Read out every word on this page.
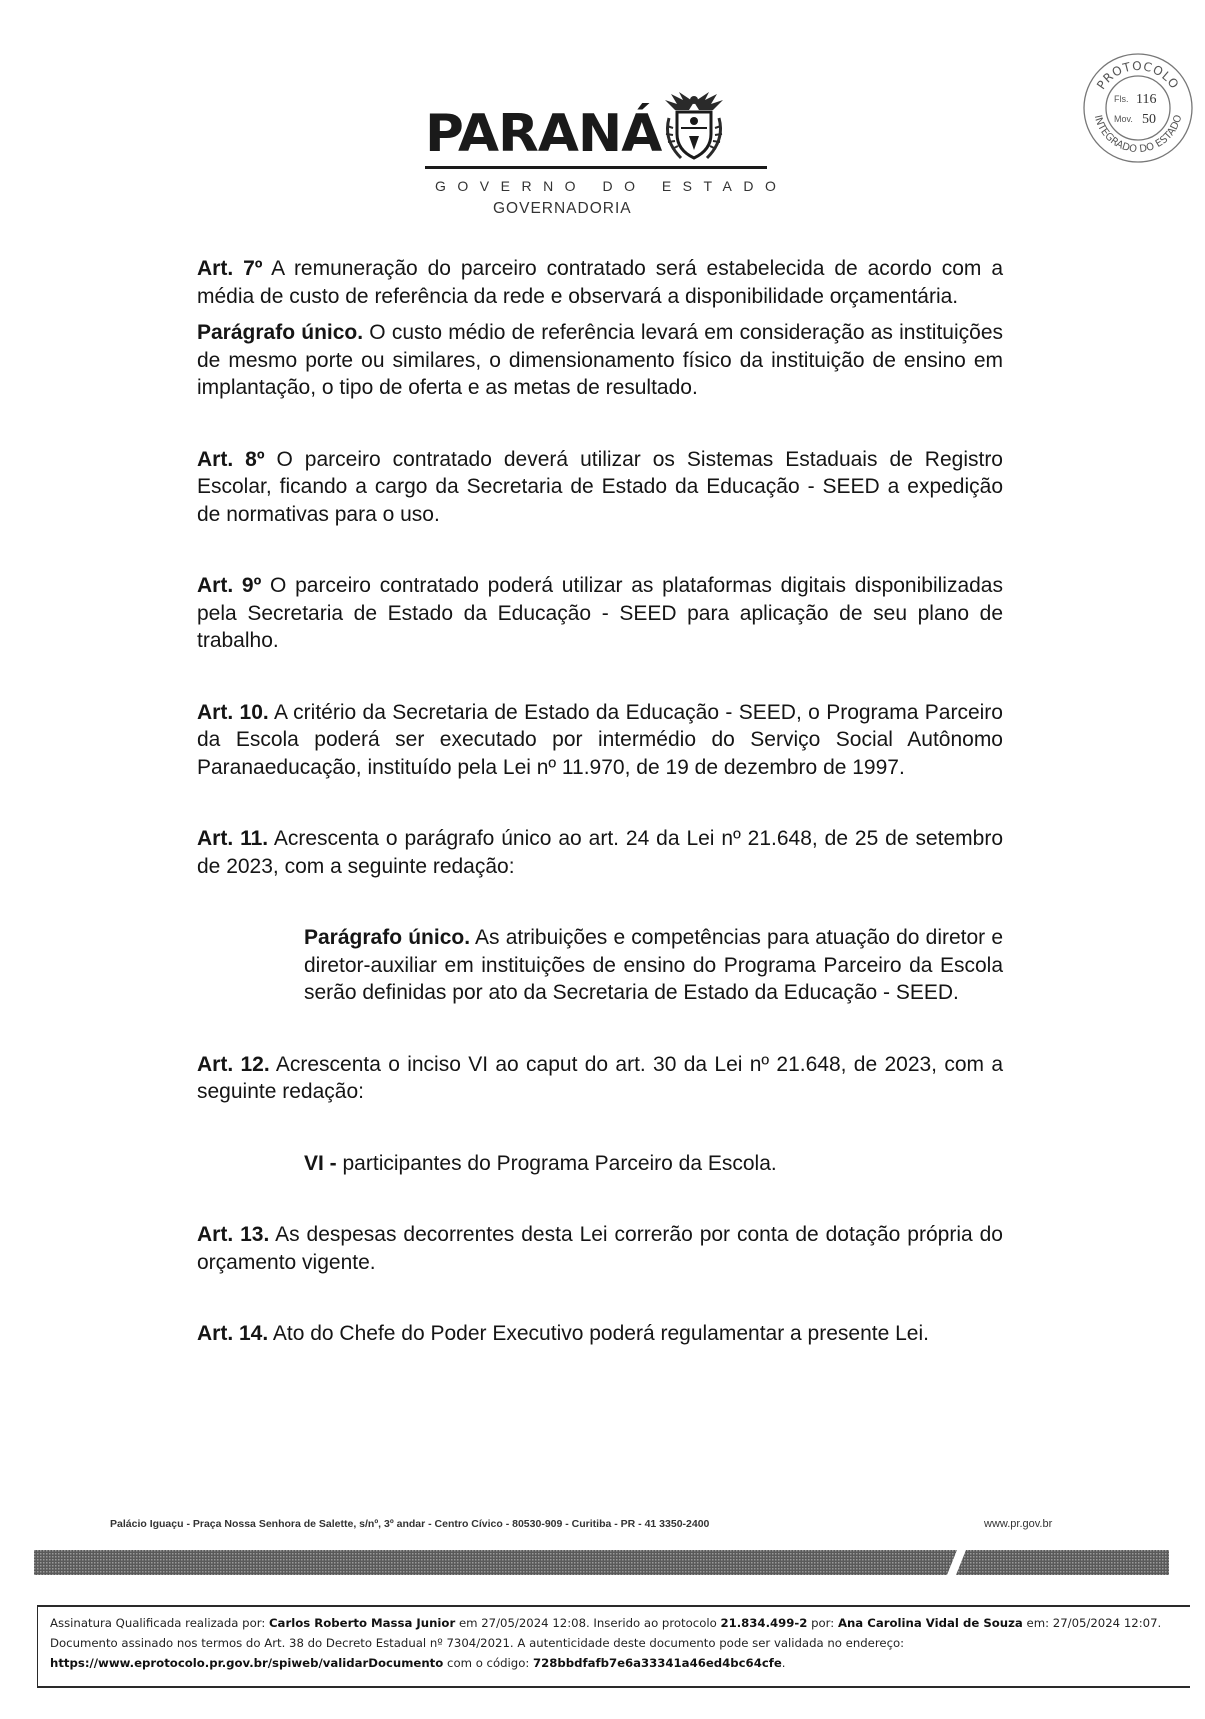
PARANÁ
GOVERNO DO ESTADO
GOVERNADORIA
PROTOCOLO
INTEGRADO DO ESTADO
Fls. 116
Mov. 50

Art. 7º A remuneração do parceiro contratado será estabelecida de acordo com a média de custo de referência da rede e observará a disponibilidade orçamentária.

Parágrafo único. O custo médio de referência levará em consideração as instituições de mesmo porte ou similares, o dimensionamento físico da instituição de ensino em implantação, o tipo de oferta e as metas de resultado.

Art. 8º O parceiro contratado deverá utilizar os Sistemas Estaduais de Registro Escolar, ficando a cargo da Secretaria de Estado da Educação - SEED a expedição de normativas para o uso.

Art. 9º O parceiro contratado poderá utilizar as plataformas digitais disponibilizadas pela Secretaria de Estado da Educação - SEED para aplicação de seu plano de trabalho.

Art. 10. A critério da Secretaria de Estado da Educação - SEED, o Programa Parceiro da Escola poderá ser executado por intermédio do Serviço Social Autônomo Paranaeducação, instituído pela Lei nº 11.970, de 19 de dezembro de 1997.

Art. 11. Acrescenta o parágrafo único ao art. 24 da Lei nº 21.648, de 25 de setembro de 2023, com a seguinte redação:

Parágrafo único. As atribuições e competências para atuação do diretor e diretor-auxiliar em instituições de ensino do Programa Parceiro da Escola serão definidas por ato da Secretaria de Estado da Educação - SEED.

Art. 12. Acrescenta o inciso VI ao caput do art. 30 da Lei nº 21.648, de 2023, com a seguinte redação:

VI - participantes do Programa Parceiro da Escola.

Art. 13. As despesas decorrentes desta Lei correrão por conta de dotação própria do orçamento vigente.

Art. 14. Ato do Chefe do Poder Executivo poderá regulamentar a presente Lei.

Palácio Iguaçu - Praça Nossa Senhora de Salette, s/nº, 3º andar - Centro Cívico - 80530-909 - Curitiba - PR - 41 3350-2400	www.pr.gov.br
Assinatura Qualificada realizada por: Carlos Roberto Massa Junior em 27/05/2024 12:08. Inserido ao protocolo 21.834.499-2 por: Ana Carolina Vidal de Souza em: 27/05/2024 12:07. Documento assinado nos termos do Art. 38 do Decreto Estadual nº 7304/2021. A autenticidade deste documento pode ser validada no endereço: https://www.eprotocolo.pr.gov.br/spiweb/validarDocumento com o código: 728bbdfafb7e6a33341a46ed4bc64cfe.
